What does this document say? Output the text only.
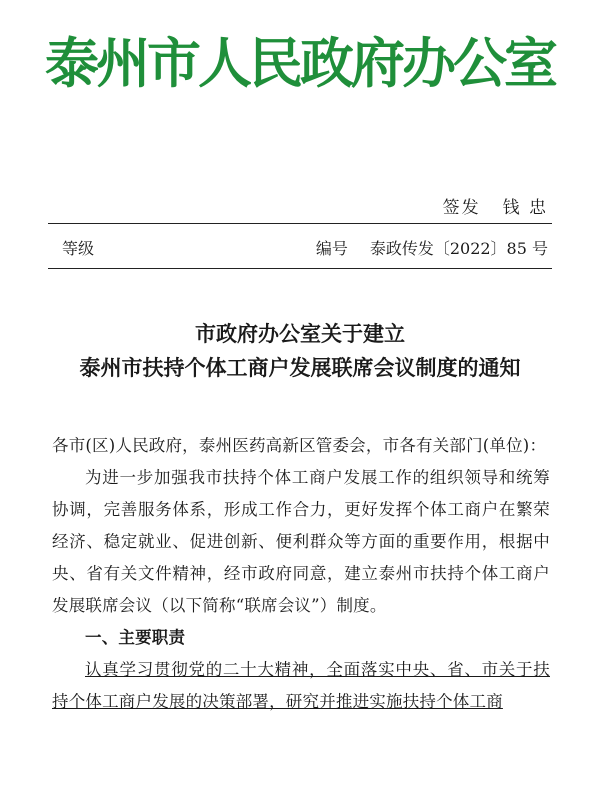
泰州市人民政府办公室
签发 钱 忠
等级	编号 泰政传发〔2022〕85 号
市政府办公室关于建立
泰州市扶持个体工商户发展联席会议制度的通知

各市(区)人民政府，泰州医药高新区管委会，市各有关部门(单位)：

为进一步加强我市扶持个体工商户发展工作的组织领导和统筹协调，完善服务体系，形成工作合力，更好发挥个体工商户在繁荣经济、稳定就业、促进创新、便利群众等方面的重要作用，根据中央、省有关文件精神，经市政府同意，建立泰州市扶持个体工商户发展联席会议（以下简称“联席会议”）制度。

一、主要职责

认真学习贯彻党的二十大精神，全面落实中央、省、市关于扶持个体工商户发展的决策部署，研究并推进实施扶持个体工商
